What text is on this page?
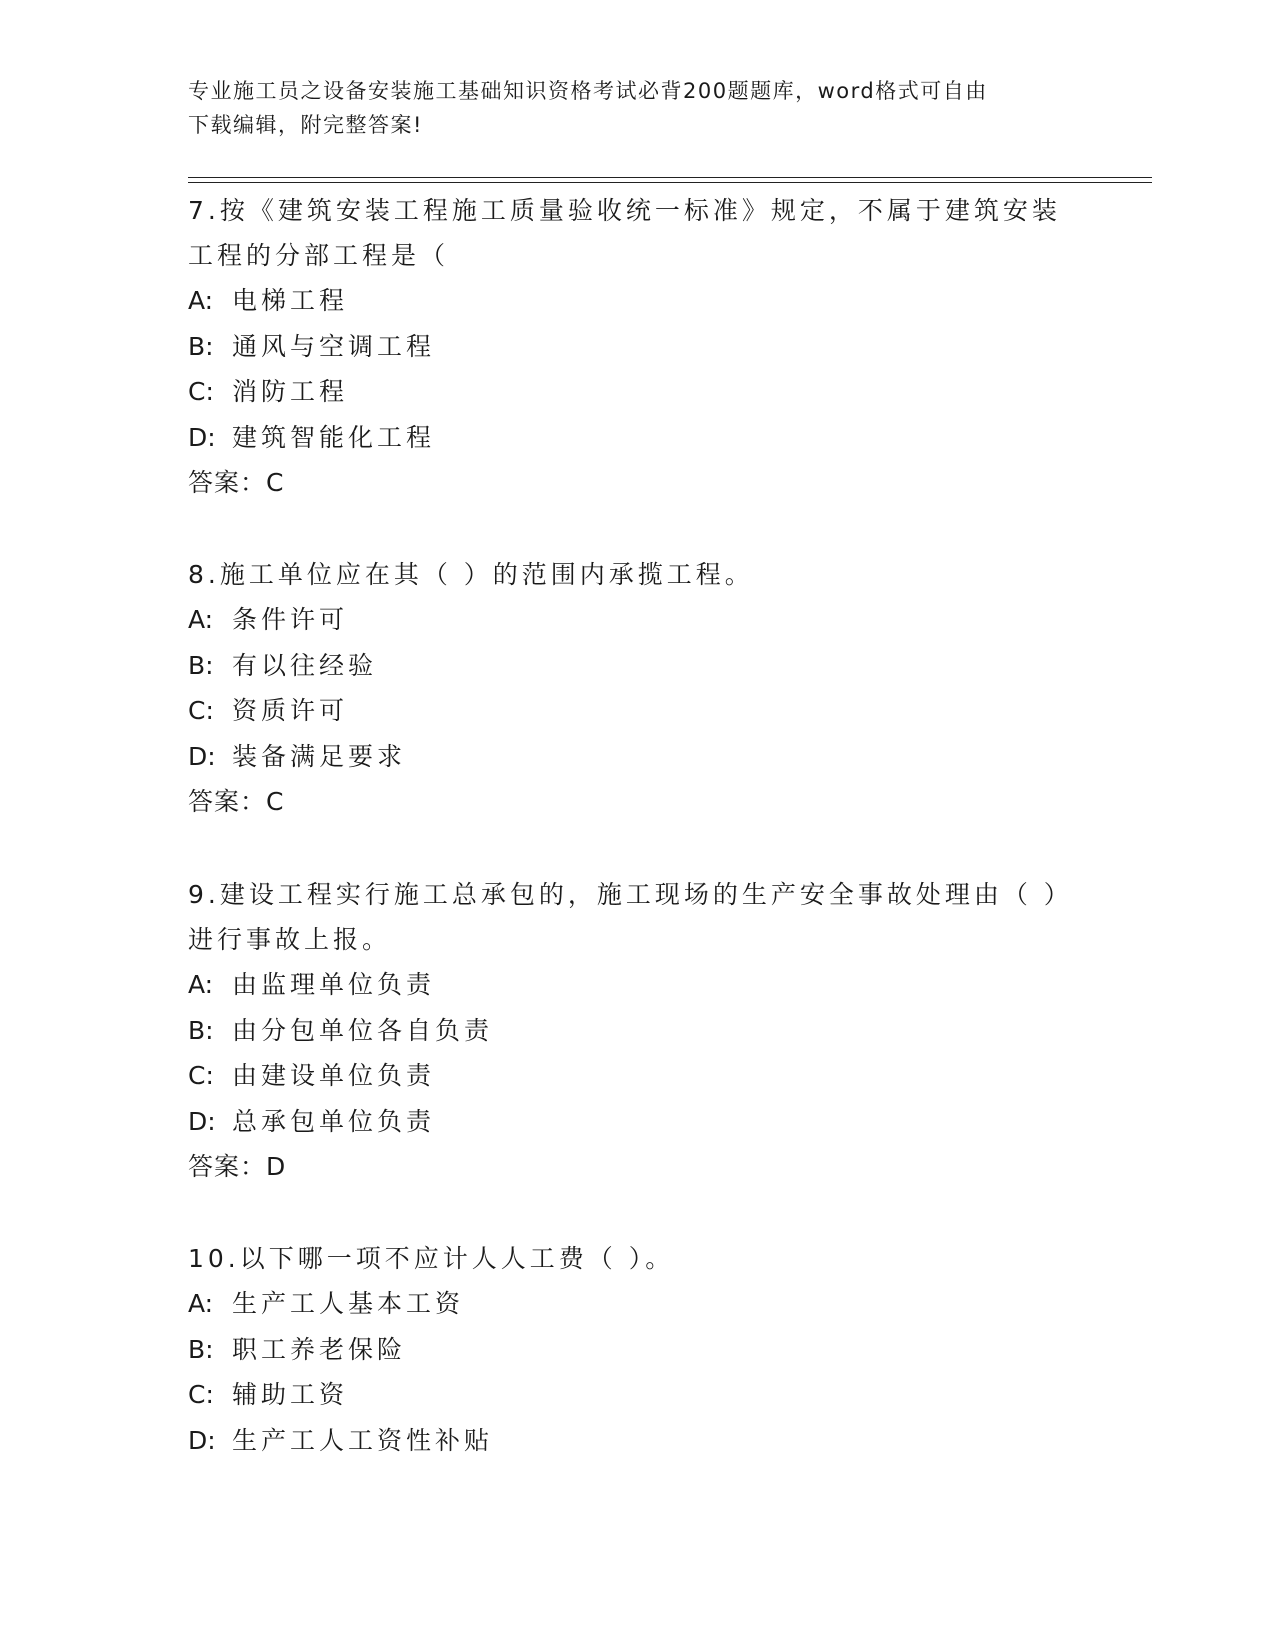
专业施工员之设备安装施工基础知识资格考试必背200题题库，word格式可自由
下载编辑，附完整答案!

7.按《建筑安装工程施工质量验收统一标准》规定，不属于建筑安装

工程的分部工程是（

A: 电梯工程

B: 通风与空调工程

C: 消防工程

D: 建筑智能化工程

答案：C

8.施工单位应在其（ ）的范围内承揽工程。

A: 条件许可

B: 有以往经验

C: 资质许可

D: 装备满足要求

答案：C

9.建设工程实行施工总承包的，施工现场的生产安全事故处理由（ ）

进行事故上报。

A: 由监理单位负责

B: 由分包单位各自负责

C: 由建设单位负责

D: 总承包单位负责

答案：D

10.以下哪一项不应计人人工费（ ）。

A: 生产工人基本工资

B: 职工养老保险

C: 辅助工资

D: 生产工人工资性补贴
